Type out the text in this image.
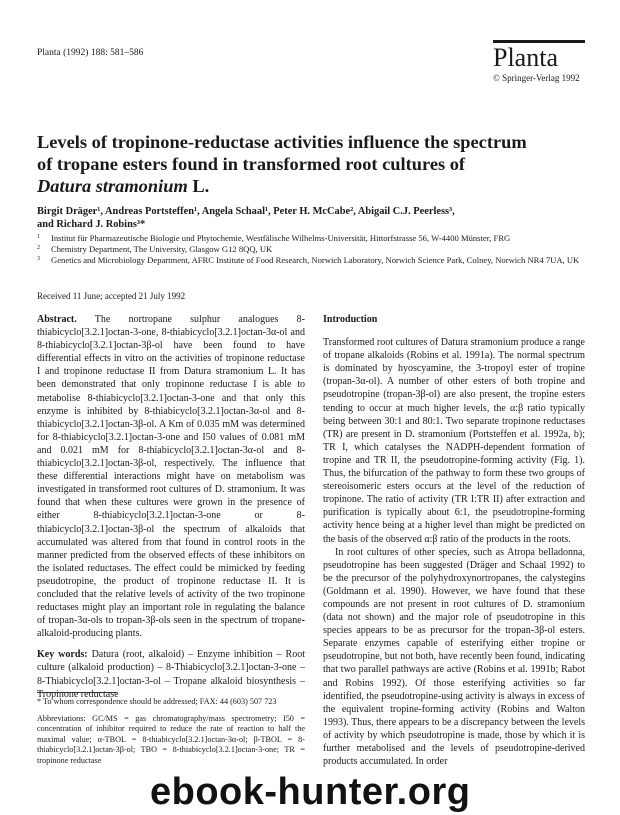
Planta (1992) 188: 581–586	Planta
© Springer-Verlag 1992
Levels of tropinone-reductase activities influence the spectrum
of tropane esters found in transformed root cultures of
Datura stramonium L.
Birgit Dräger¹, Andreas Portsteffen¹, Angela Schaal¹, Peter H. McCabe², Abigail C.J. Peerless³,
and Richard J. Robins³*
1 Institut für Pharmazeutische Biologie und Phytochemie, Westfälische Wilhelms-Universität, Hittorfstrasse 56, W-4400 Münster, FRG
2 Chemistry Department, The University, Glasgow G12 8QQ, UK
3 Genetics and Microbiology Department, AFRC Institute of Food Research, Norwich Laboratory, Norwich Science Park, Colney, Norwich NR4 7UA, UK
Received 11 June; accepted 21 July 1992
Abstract. The nortropane sulphur analogues 8-thiabicyclo[3.2.1]octan-3-one, 8-thiabicyclo[3.2.1]octan-3α-ol and 8-thiabicyclo[3.2.1]octan-3β-ol have been found to have differential effects in vitro on the activities of tropinone reductase I and tropinone reductase II from Datura stramonium L. It has been demonstrated that only tropinone reductase I is able to metabolise 8-thiabicyclo[3.2.1]octan-3-one and that only this enzyme is inhibited by 8-thiabicyclo[3.2.1]octan-3α-ol and 8-thiabicyclo[3.2.1]octan-3β-ol. A Km of 0.035 mM was determined for 8-thiabicyclo[3.2.1]octan-3-one and I50 values of 0.081 mM and 0.021 mM for 8-thiabicyclo[3.2.1]octan-3α-ol and 8-thiabicyclo[3.2.1]octan-3β-ol, respectively. The influence that these differential interactions might have on metabolism was investigated in transformed root cultures of D. stramonium. It was found that when these cultures were grown in the presence of either 8-thiabicyclo[3.2.1]octan-3-one or 8-thiabicyclo[3.2.1]octan-3β-ol the spectrum of alkaloids that accumulated was altered from that found in control roots in the manner predicted from the observed effects of these inhibitors on the isolated reductases. The effect could be mimicked by feeding pseudotropine, the product of tropinone reductase II. It is concluded that the relative levels of activity of the two tropinone reductases might play an important role in regulating the balance of tropan-3α-ols to tropan-3β-ols seen in the spectrum of tropane-alkaloid-producing plants.
Key words: Datura (root, alkaloid) – Enzyme inhibition – Root culture (alkaloid production) – 8-Thiabicyclo[3.2.1]octan-3-one – 8-Thiabicyclo[3.2.1]octan-3-ol – Tropane alkaloid biosynthesis – Tropinone reductase
* To whom correspondence should be addressed; FAX: 44 (603) 507 723
Abbreviations: GC/MS = gas chromatography/mass spectrometry; I50 = concentration of inhibitor required to reduce the rate of reaction to half the maximal value; α-TBOL = 8-thiabicyclo[3.2.1]octan-3α-ol; β-TBOL = 8-thiabicyclo[3.2.1]octan-3β-ol; TBO = 8-thiabicyclo[3.2.1]octan-3-one; TR = tropinone reductase
Introduction

Transformed root cultures of Datura stramonium produce a range of tropane alkaloids (Robins et al. 1991a). The normal spectrum is dominated by hyoscyamine, the 3-tropoyl ester of tropine (tropan-3α-ol). A number of other esters of both tropine and pseudotropine (tropan-3β-ol) are also present, the tropine esters tending to occur at much higher levels, the α:β ratio typically being between 30:1 and 80:1. Two separate tropinone reductases (TR) are present in D. stramonium (Portsteffen et al. 1992a, b); TR I, which catalyses the NADPH-dependent formation of tropine and TR II, the pseudotropine-forming activity (Fig. 1). Thus, the bifurcation of the pathway to form these two groups of stereoisomeric esters occurs at the level of the reduction of tropinone. The ratio of activity (TR I:TR II) after extraction and purification is typically about 6:1, the pseudotropine-forming activity hence being at a higher level than might be predicted on the basis of the observed α:β ratio of the products in the roots.

In root cultures of other species, such as Atropa belladonna, pseudotropine has been suggested (Dräger and Schaal 1992) to be the precursor of the polyhydroxynortropanes, the calystegins (Goldmann et al. 1990). However, we have found that these compounds are not present in root cultures of D. stramonium (data not shown) and the major role of pseudotropine in this species appears to be as precursor for the tropan-3β-ol esters. Separate enzymes capable of esterifying either tropine or pseudotropine, but not both, have recently been found, indicating that two parallel pathways are active (Robins et al. 1991b; Rabot and Robins 1992). Of those esterifying activities so far identified, the pseudotropine-using activity is always in excess of the equivalent tropine-forming activity (Robins and Walton 1993). Thus, there appears to be a discrepancy between the levels of activity by which pseudotropine is made, those by which it is further metabolised and the levels of pseudotropine-derived products accumulated. In order

ebook-hunter.org
